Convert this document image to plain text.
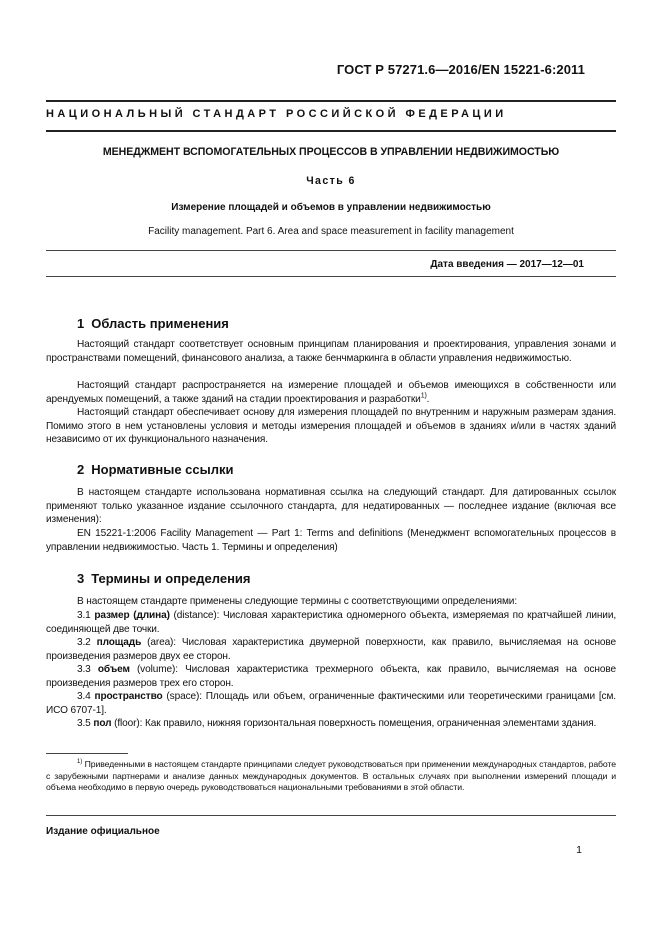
ГОСТ Р 57271.6—2016/EN 15221-6:2011
НАЦИОНАЛЬНЫЙ СТАНДАРТ РОССИЙСКОЙ ФЕДЕРАЦИИ
МЕНЕДЖМЕНТ ВСПОМОГАТЕЛЬНЫХ ПРОЦЕССОВ В УПРАВЛЕНИИ НЕДВИЖИМОСТЬЮ
Часть 6
Измерение площадей и объемов в управлении недвижимостью
Facility management. Part 6. Area and space measurement in facility management
Дата введения — 2017—12—01
1 Область применения
Настоящий стандарт соответствует основным принципам планирования и проектирования, управления зонами и пространствами помещений, финансового анализа, а также бенчмаркинга в области управления недвижимостью.
Настоящий стандарт распространяется на измерение площадей и объемов имеющихся в собственности или арендуемых помещений, а также зданий на стадии проектирования и разработки$^{1)}$.
Настоящий стандарт обеспечивает основу для измерения площадей по внутренним и наружным размерам здания. Помимо этого в нем установлены условия и методы измерения площадей и объемов в зданиях и/или в частях зданий независимо от их функционального назначения.
2 Нормативные ссылки
В настоящем стандарте использована нормативная ссылка на следующий стандарт. Для датированных ссылок применяют только указанное издание ссылочного стандарта, для недатированных — последнее издание (включая все изменения):
EN 15221-1:2006 Facility Management — Part 1: Terms and definitions (Менеджмент вспомогательных процессов в управлении недвижимостью. Часть 1. Термины и определения)
3 Термины и определения
В настоящем стандарте применены следующие термины с соответствующими определениями:
3.1 размер (длина) (distance): Числовая характеристика одномерного объекта, измеряемая по кратчайшей линии, соединяющей две точки.
3.2 площадь (area): Числовая характеристика двумерной поверхности, как правило, вычисляемая на основе произведения размеров двух ее сторон.
3.3 объем (volume): Числовая характеристика трехмерного объекта, как правило, вычисляемая на основе произведения размеров трех его сторон.
3.4 пространство (space): Площадь или объем, ограниченные фактическими или теоретическими границами [см. ИСО 6707-1].
3.5 пол (floor): Как правило, нижняя горизонтальная поверхность помещения, ограниченная элементами здания.
$^{1)}$ Приведенными в настоящем стандарте принципами следует руководствоваться при применении международных стандартов, работе с зарубежными партнерами и анализе данных международных документов. В остальных случаях при выполнении измерений площади и объема необходимо в первую очередь руководствоваться национальными требованиями в этой области.
Издание официальное
1
